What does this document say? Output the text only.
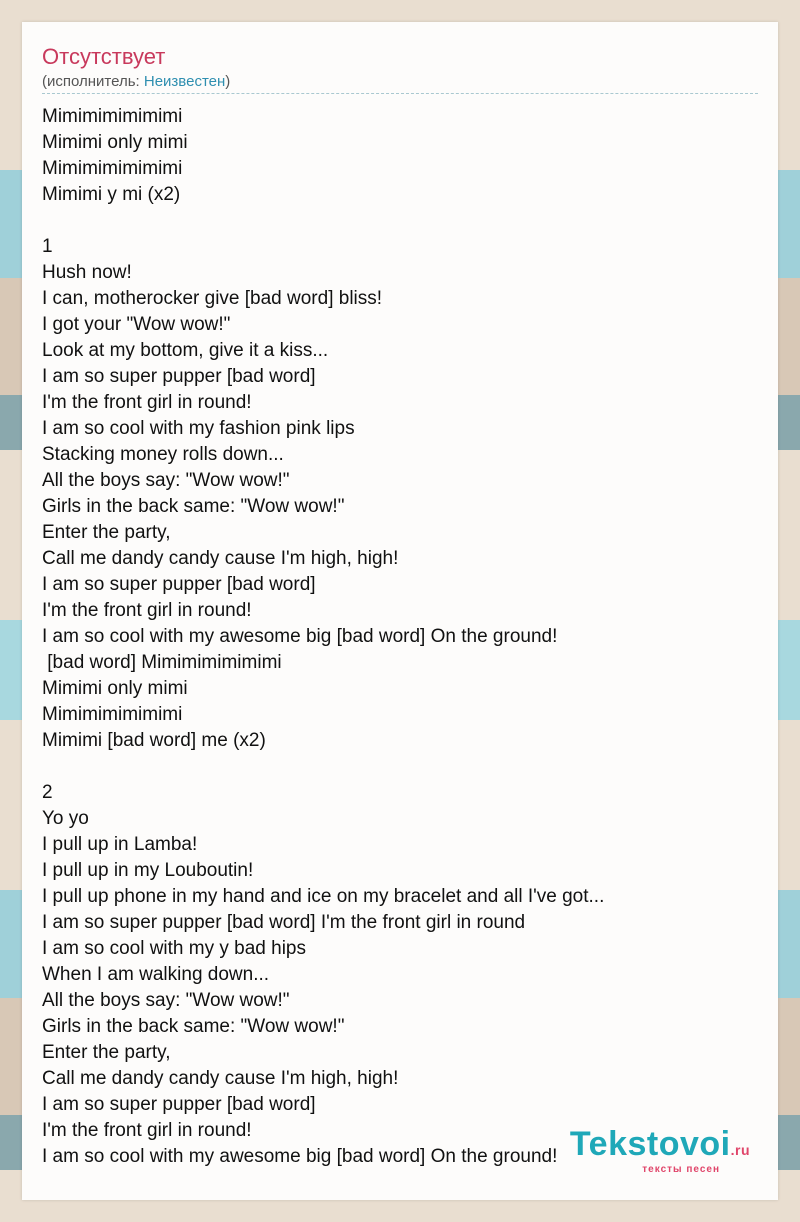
Отсутствует
(исполнитель: Неизвестен)
Mimimimimimimi
Mimimi only mimi
Mimimimimimimi
Mimimi y mi (x2)
1
Hush now!
I can, motherocker give [bad word] bliss!
I got your "Wow wow!"
Look at my bottom, give it a kiss...
I am so super pupper [bad word]
I'm the front girl in round!
I am so cool with my fashion pink lips
Stacking money rolls down...
All the boys say: "Wow wow!"
Girls in the back same: "Wow wow!"
Enter the party,
Call me dandy candy cause I'm high, high!
I am so super pupper [bad word]
I'm the front girl in round!
I am so cool with my awesome big [bad word] On the ground!
[bad word] Mimimimimimimi
Mimimi only mimi
Mimimimimimimi
Mimimi [bad word] me (x2)
2
Yo yo
I pull up in Lamba!
I pull up in my Louboutin!
I pull up phone in my hand and ice on my bracelet and all I've got...
I am so super pupper [bad word] I'm the front girl in round
I am so cool with my y bad hips
When I am walking down...
All the boys say: "Wow wow!"
Girls in the back same: "Wow wow!"
Enter the party,
Call me dandy candy cause I'm high, high!
I am so super pupper [bad word]
I'm the front girl in round!
I am so cool with my awesome big [bad word] On the ground! Tekstovoi.ru
тексты песен
